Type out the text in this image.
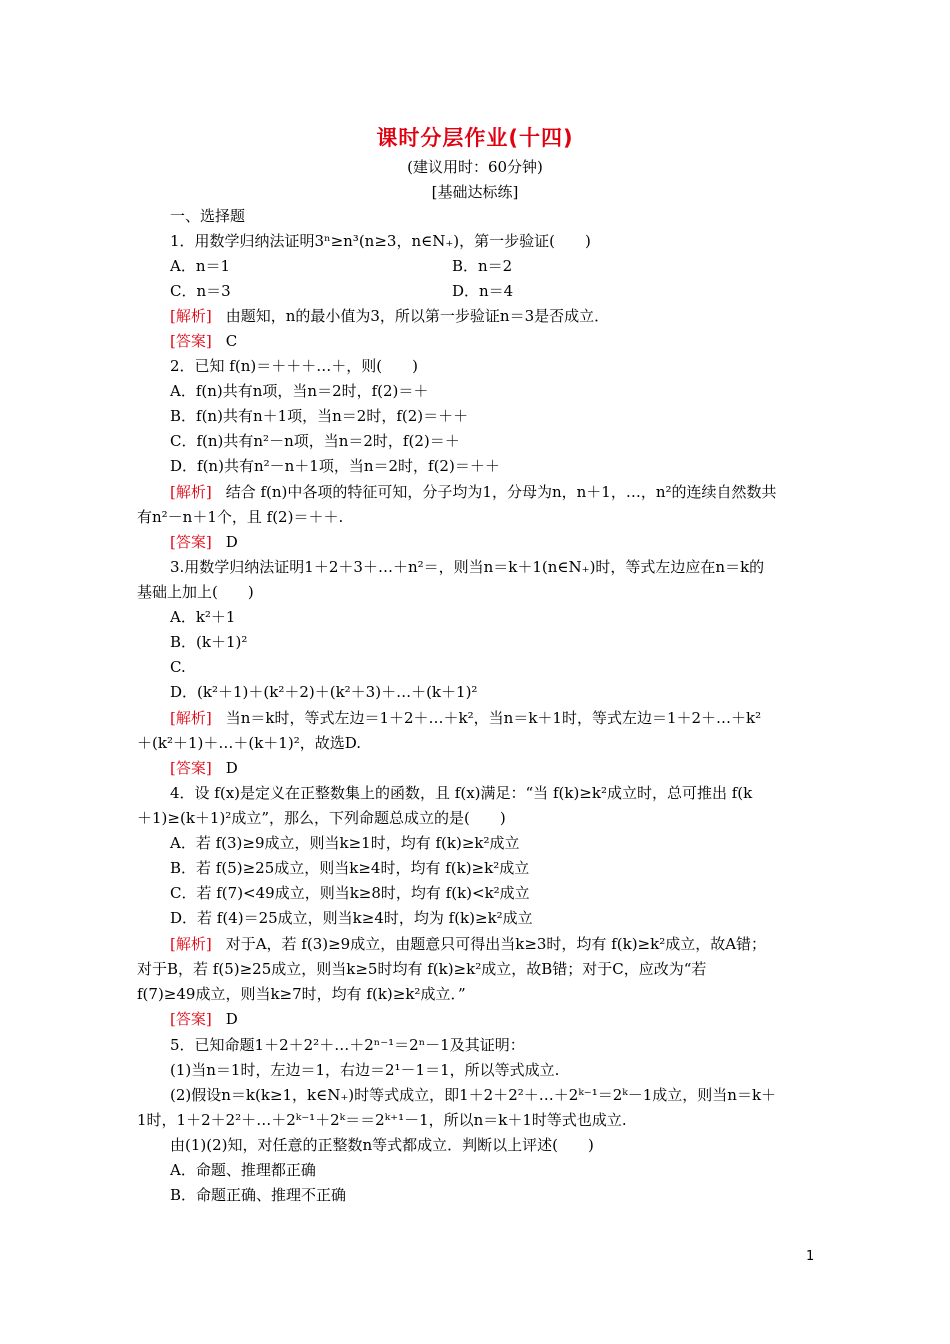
课时分层作业(十四)
(建议用时：60分钟)
[基础达标练]
一、选择题
1．用数学归纳法证明3ⁿ≥n³(n≥3，n∈N₊)，第一步验证(　　)
A．n＝1
C．n＝3
[解析] 由题知，n的最小值为3，所以第一步验证n＝3是否成立．
[答案] C
2．已知 f(n)＝＋＋＋…＋，则(　　)
A．f(n)共有n项，当n＝2时，f(2)＝＋
B．f(n)共有n＋1项，当n＝2时，f(2)＝＋＋
C．f(n)共有n²－n项，当n＝2时，f(2)＝＋
D．f(n)共有n²－n＋1项，当n＝2时，f(2)＝＋＋
[解析] 结合 f(n)中各项的特征可知，分子均为1，分母为n，n＋1，…，n²的连续自然数共
有n²－n＋1个，且 f(2)＝＋＋.
[答案] D
3.用数学归纳法证明1＋2＋3＋…＋n²＝，则当n＝k＋1(n∈N₊)时，等式左边应在n＝k的
基础上加上(　　)
A．k²＋1
B．(k＋1)²
C.
D．(k²＋1)＋(k²＋2)＋(k²＋3)＋…＋(k＋1)²
[解析] 当n＝k时，等式左边＝1＋2＋…＋k²，当n＝k＋1时，等式左边＝1＋2＋…＋k²
＋(k²＋1)＋…＋(k＋1)²，故选D.
[答案] D
4．设 f(x)是定义在正整数集上的函数，且 f(x)满足：“当 f(k)≥k²成立时，总可推出 f(k
＋1)≥(k＋1)²成立”，那么，下列命题总成立的是(　　)
A．若 f(3)≥9成立，则当k≥1时，均有 f(k)≥k²成立
B．若 f(5)≥25成立，则当k≥4时，均有 f(k)≥k²成立
C．若 f(7)<49成立，则当k≥8时，均有 f(k)<k²成立
D．若 f(4)＝25成立，则当k≥4时，均为 f(k)≥k²成立
[解析] 对于A，若 f(3)≥9成立，由题意只可得出当k≥3时，均有 f(k)≥k²成立，故A错；
对于B，若 f(5)≥25成立，则当k≥5时均有 f(k)≥k²成立，故B错；对于C，应改为“若
f(7)≥49成立，则当k≥7时，均有 f(k)≥k²成立．”
[答案] D
5．已知命题1＋2＋2²＋…＋2ⁿ⁻¹＝2ⁿ－1及其证明：
(1)当n＝1时，左边＝1，右边＝2¹－1＝1，所以等式成立.
(2)假设n＝k(k≥1，k∈N₊)时等式成立，即1＋2＋2²＋…＋2ᵏ⁻¹＝2ᵏ－1成立，则当n＝k＋
1时，1＋2＋2²＋…＋2ᵏ⁻¹＋2ᵏ＝＝2ᵏ⁺¹－1，所以n＝k＋1时等式也成立.
由(1)(2)知，对任意的正整数n等式都成立．判断以上评述(　　)
A．命题、推理都正确
B．命题正确、推理不正确
B．n＝2
D．n＝4
1
